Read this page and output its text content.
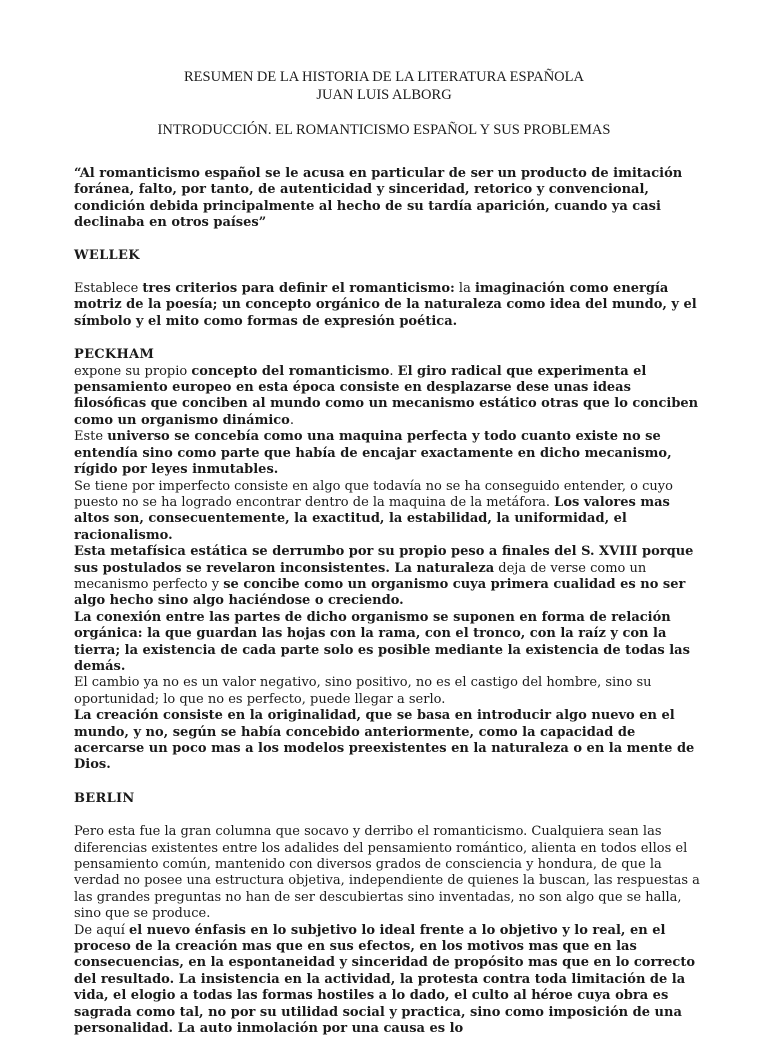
RESUMEN DE LA HISTORIA DE LA LITERATURA ESPAÑOLA
JUAN LUIS ALBORG
INTRODUCCIÓN. EL ROMANTICISMO ESPAÑOL Y SUS PROBLEMAS

“Al romanticismo español se le acusa en particular de ser un producto de imitación foránea, falto, por tanto, de autenticidad y sinceridad, retorico y convencional, condición debida principalmente al hecho de su tardía aparición, cuando ya casi declinaba en otros países”

WELLEK

Establece tres criterios para definir el romanticismo: la imaginación como energía motriz de la poesía; un concepto orgánico de la naturaleza como idea del mundo, y el símbolo y el mito como formas de expresión poética.

PECKHAM

expone su propio concepto del romanticismo. El giro radical que experimenta el pensamiento europeo en esta época consiste en desplazarse dese unas ideas filosóficas que conciben al mundo como un mecanismo estático otras que lo conciben como un organismo dinámico.

Este universo se concebía como una maquina perfecta y todo cuanto existe no se entendía sino como parte que había de encajar exactamente en dicho mecanismo, rígido por leyes inmutables.

Se tiene por imperfecto consiste en algo que todavía no se ha conseguido entender, o cuyo puesto no se ha logrado encontrar dentro de la maquina de la metáfora. Los valores mas altos son, consecuentemente, la exactitud, la estabilidad, la uniformidad, el racionalismo.

Esta metafísica estática se derrumbo por su propio peso a finales del S. XVIII porque sus postulados se revelaron inconsistentes. La naturaleza deja de verse como un mecanismo perfecto y se concibe como un organismo cuya primera cualidad es no ser algo hecho sino algo haciéndose o creciendo.

La conexión entre las partes de dicho organismo se suponen en forma de relación orgánica: la que guardan las hojas con la rama, con el tronco, con la raíz y con la tierra; la existencia de cada parte solo es posible mediante la existencia de todas las demás.

El cambio ya no es un valor negativo, sino positivo, no es el castigo del hombre, sino su oportunidad; lo que no es perfecto, puede llegar a serlo.

La creación consiste en la originalidad, que se basa en introducir algo nuevo en el mundo, y no, según se había concebido anteriormente, como la capacidad de acercarse un poco mas a los modelos preexistentes en la naturaleza o en la mente de Dios.

BERLIN

Pero esta fue la gran columna que socavo y derribo el romanticismo. Cualquiera sean las diferencias existentes entre los adalides del pensamiento romántico, alienta en todos ellos el pensamiento común, mantenido con diversos grados de consciencia y hondura, de que la verdad no posee una estructura objetiva, independiente de quienes la buscan, las respuestas a las grandes preguntas no han de ser descubiertas sino inventadas, no son algo que se halla, sino que se produce.

De aquí el nuevo énfasis en lo subjetivo lo ideal frente a lo objetivo y lo real, en el proceso de la creación mas que en sus efectos, en los motivos mas que en las consecuencias, en la espontaneidad y sinceridad de propósito mas que en lo correcto del resultado. La insistencia en la actividad, la protesta contra toda limitación de la vida, el elogio a todas las formas hostiles a lo dado, el culto al héroe cuya obra es sagrada como tal, no por su utilidad social y practica, sino como imposición de una personalidad. La auto inmolación por una causa es lo
